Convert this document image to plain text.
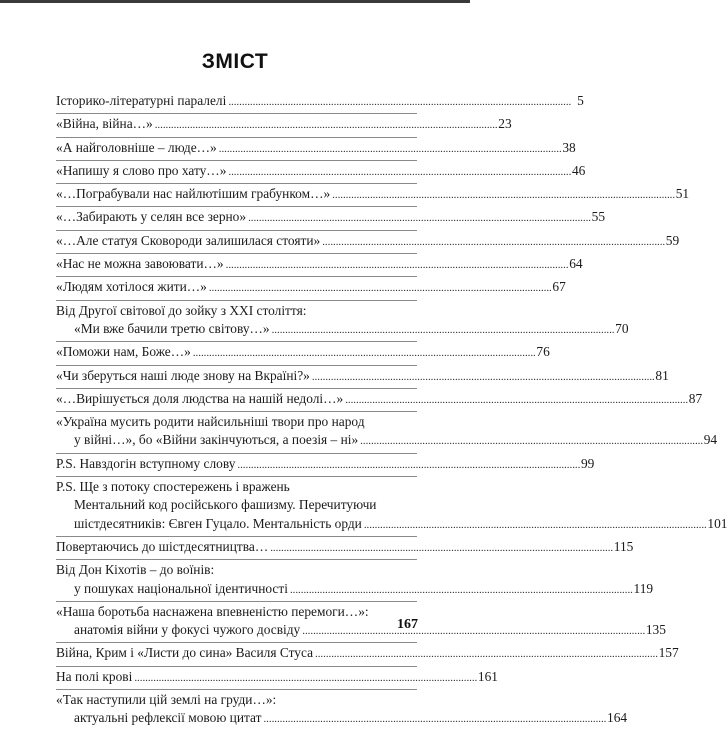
ЗМІСТ
Історико-літературні паралелі . . .	5
«Війна, війна…» . . .	23
«А найголовніше – люде…» . . .	38
«Напишу я слово про хату…» . . .	46
«…Пограбували нас найлютішим грабунком…» . . .	51
«…Забирають у селян все зерно» . . .	55
«…Але статуя Сковороди залишилася стояти» . . .	59
«Нас не можна завоювати…» . . .	64
«Людям хотілося жити…» . . .	67
Від Другої світової до зойку з XXI століття:
«Ми вже бачили третю світову…» . . .	70
«Поможи нам, Боже…» . . .	76
«Чи зберуться наші люде знову на Вкраїні?» . . .	81
«…Вирішується доля людства на нашій недолі…» . . .	87
«Україна мусить родити найсильніші твори про народ
у війні…», бо «Війни закінчуються, а поезія – ні» . . .	94
P.S. Навздогін вступному слову . . .	99
P.S. Ще з потоку спостережень і вражень
Ментальний код російського фашизму. Перечитуючи
шістдесятників: Євген Гуцало. Ментальність орди . . .	101
Повертаючись до шістдесятництва… . . .	115
Від Дон Кіхотів – до воїнів:
у пошуках національної ідентичності . . .	119
«Наша боротьба наснажена впевненістю перемоги…»:
анатомія війни у фокусі чужого досвіду . . .	135
Війна, Крим і «Листи до сина» Василя Стуса . . .	157
На полі крові . . .	161
«Так наступили цій землі на груди…»:
актуальні рефлексії мовою цитат . . .	164
167
